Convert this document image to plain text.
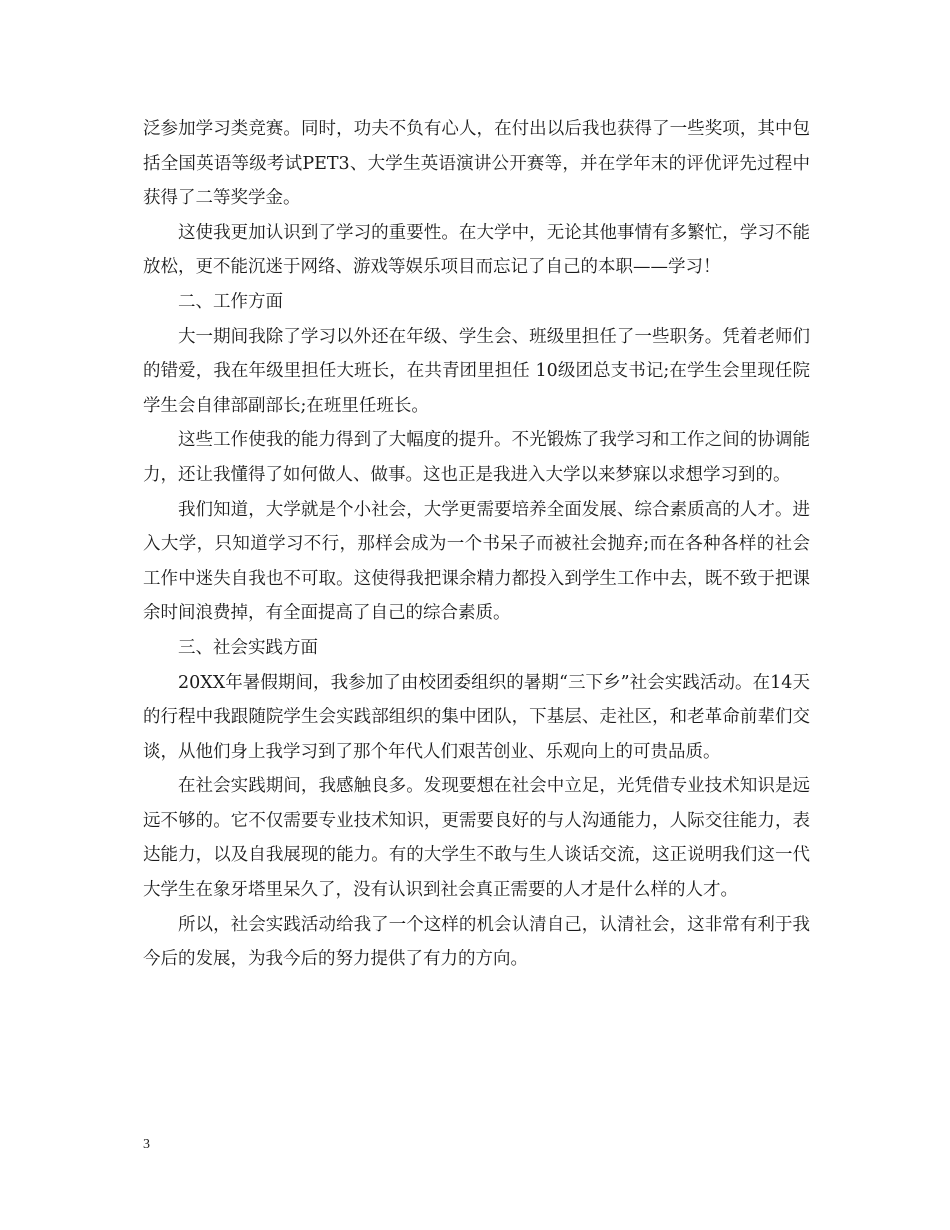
泛参加学习类竞赛。同时，功夫不负有心人，在付出以后我也获得了一些奖项，其中包括全国英语等级考试PET3、大学生英语演讲公开赛等，并在学年末的评优评先过程中获得了二等奖学金。

这使我更加认识到了学习的重要性。在大学中，无论其他事情有多繁忙，学习不能放松，更不能沉迷于网络、游戏等娱乐项目而忘记了自己的本职——学习！

二、工作方面

大一期间我除了学习以外还在年级、学生会、班级里担任了一些职务。凭着老师们的错爱，我在年级里担任大班长，在共青团里担任 10级团总支书记;在学生会里现任院学生会自律部副部长;在班里任班长。

这些工作使我的能力得到了大幅度的提升。不光锻炼了我学习和工作之间的协调能力，还让我懂得了如何做人、做事。这也正是我进入大学以来梦寐以求想学习到的。

我们知道，大学就是个小社会，大学更需要培养全面发展、综合素质高的人才。进入大学，只知道学习不行，那样会成为一个书呆子而被社会抛弃;而在各种各样的社会工作中迷失自我也不可取。这使得我把课余精力都投入到学生工作中去，既不致于把课余时间浪费掉，有全面提高了自己的综合素质。

三、社会实践方面

20XX年暑假期间，我参加了由校团委组织的暑期“三下乡”社会实践活动。在14天的行程中我跟随院学生会实践部组织的集中团队，下基层、走社区，和老革命前辈们交谈，从他们身上我学习到了那个年代人们艰苦创业、乐观向上的可贵品质。

在社会实践期间，我感触良多。发现要想在社会中立足，光凭借专业技术知识是远远不够的。它不仅需要专业技术知识，更需要良好的与人沟通能力，人际交往能力，表达能力，以及自我展现的能力。有的大学生不敢与生人谈话交流，这正说明我们这一代大学生在象牙塔里呆久了，没有认识到社会真正需要的人才是什么样的人才。

所以，社会实践活动给我了一个这样的机会认清自己，认清社会，这非常有利于我今后的发展，为我今后的努力提供了有力的方向。

3
